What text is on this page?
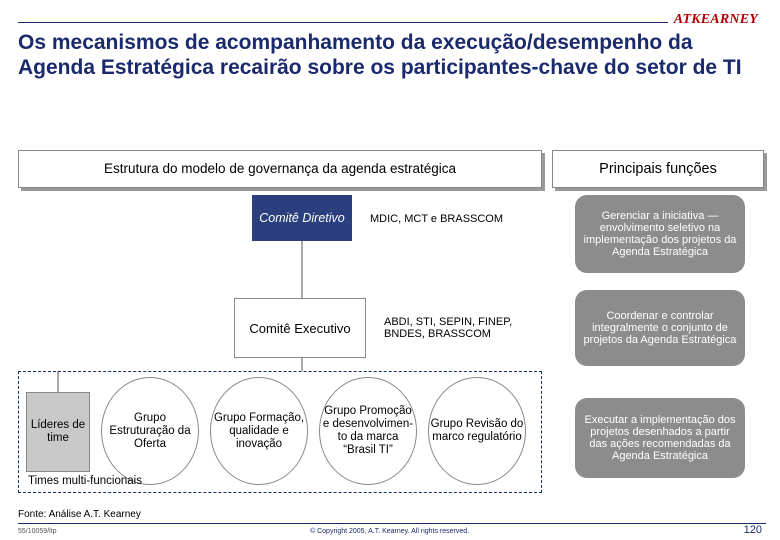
ATKEARNEY
Os mecanismos de acompanhamento da execução/desempenho da Agenda Estratégica recairão sobre os participantes-chave do setor de TI
Estrutura do modelo de governança da agenda estratégica	Principais funções
Comitê Diretivo	MDIC, MCT e BRASSCOM
Comitê Executivo	ABDI, STI, SEPIN, FINEP, BNDES, BRASSCOM
Líderes de time
Grupo Estruturação da Oferta
Grupo Formação, qualidade e inovação
Grupo Promoção e desenvolvimen-to da marca “Brasil TI”
Grupo Revisão do marco regulatório
Times multi-funcionais
Gerenciar a iniciativa — envolvimento seletivo na implementação dos projetos da Agenda Estratégica
Coordenar e controlar integralmente o conjunto de projetos da Agenda Estratégica
Executar a implementação dos projetos desenhados a partir das ações recomendadas da Agenda Estratégica
Fonte: Análise A.T. Kearney
55/10059/ltp	© Copyright 2005, A.T. Kearney. All rights reserved.	120
